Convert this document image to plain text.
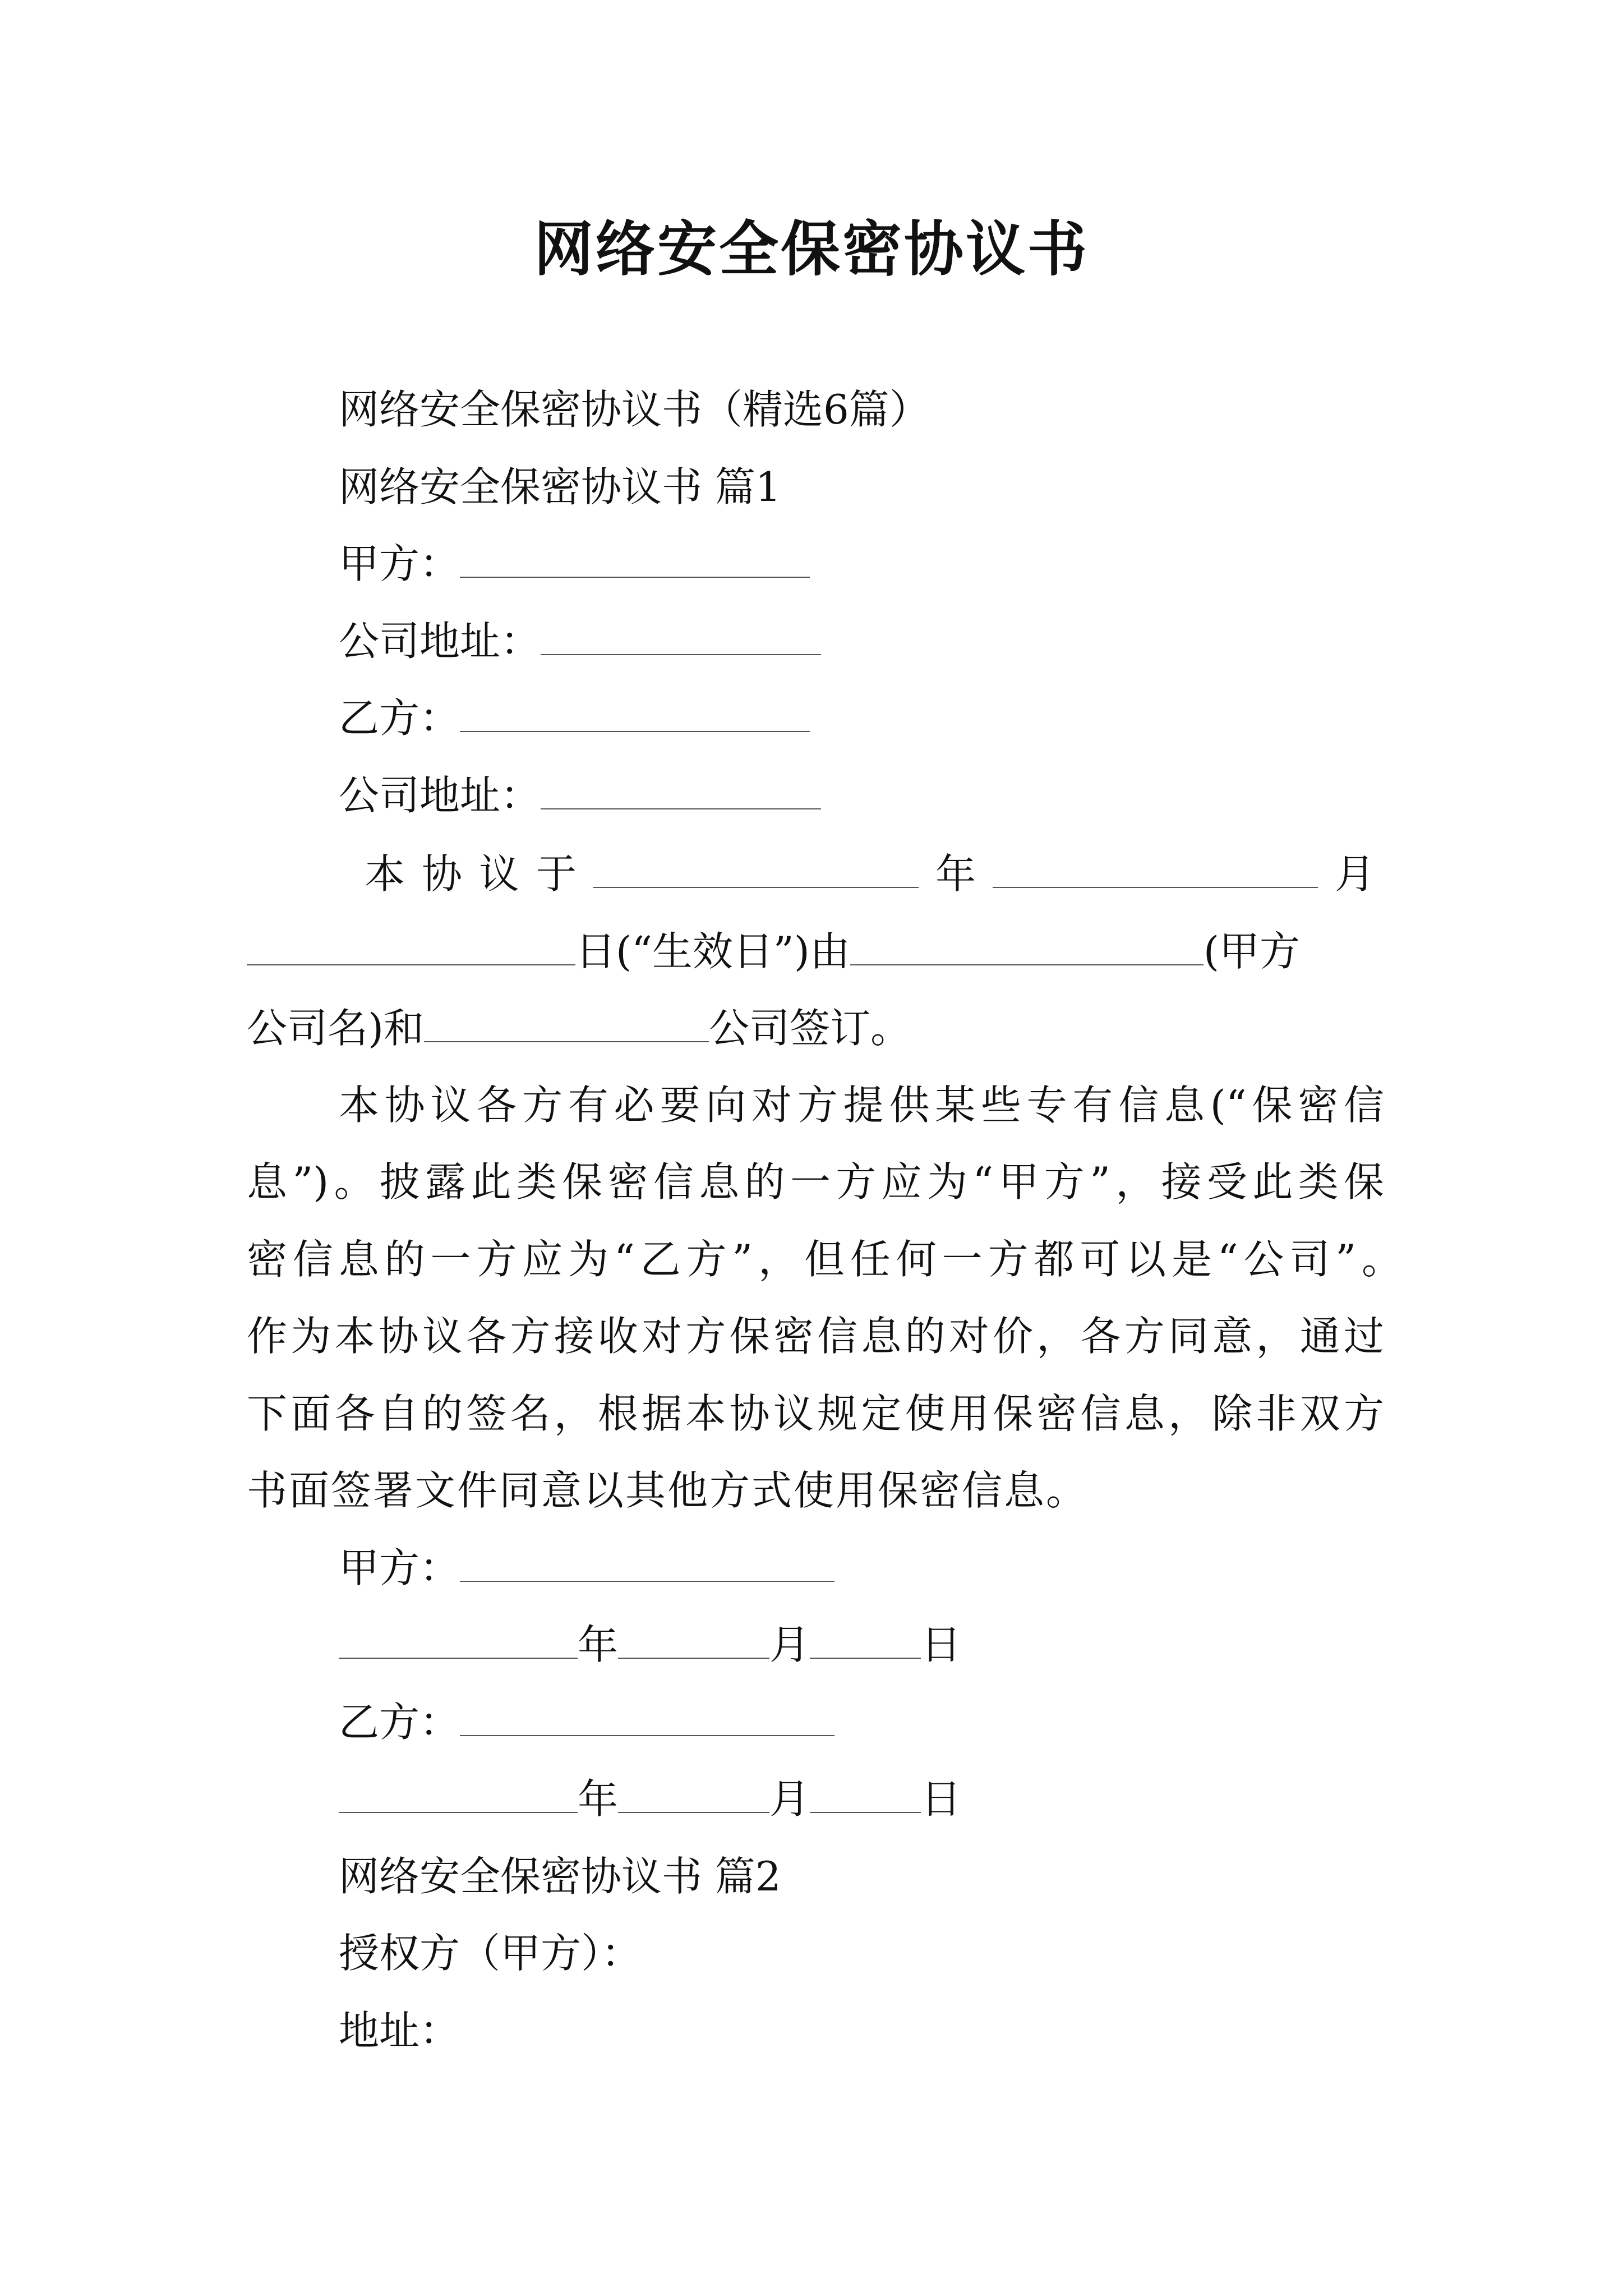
网络安全保密协议书
网络安全保密协议书（精选6篇）
网络安全保密协议书 篇1
甲方：
公司地址：
乙方：
公司地址：
本协议于	年	月
日(“生效日”)由	(甲方
公司名)和	公司签订。
本协议各方有必要向对方提供某些专有信息(“保密信
息”)。披露此类保密信息的一方应为“甲方”，接受此类保
密信息的一方应为“乙方”，但任何一方都可以是“公司”。
作为本协议各方接收对方保密信息的对价，各方同意，通过
下面各自的签名，根据本协议规定使用保密信息，除非双方
书面签署文件同意以其他方式使用保密信息。
甲方：
年	月	日
乙方：
年	月	日
网络安全保密协议书 篇2
授权方（甲方）：
地址：
